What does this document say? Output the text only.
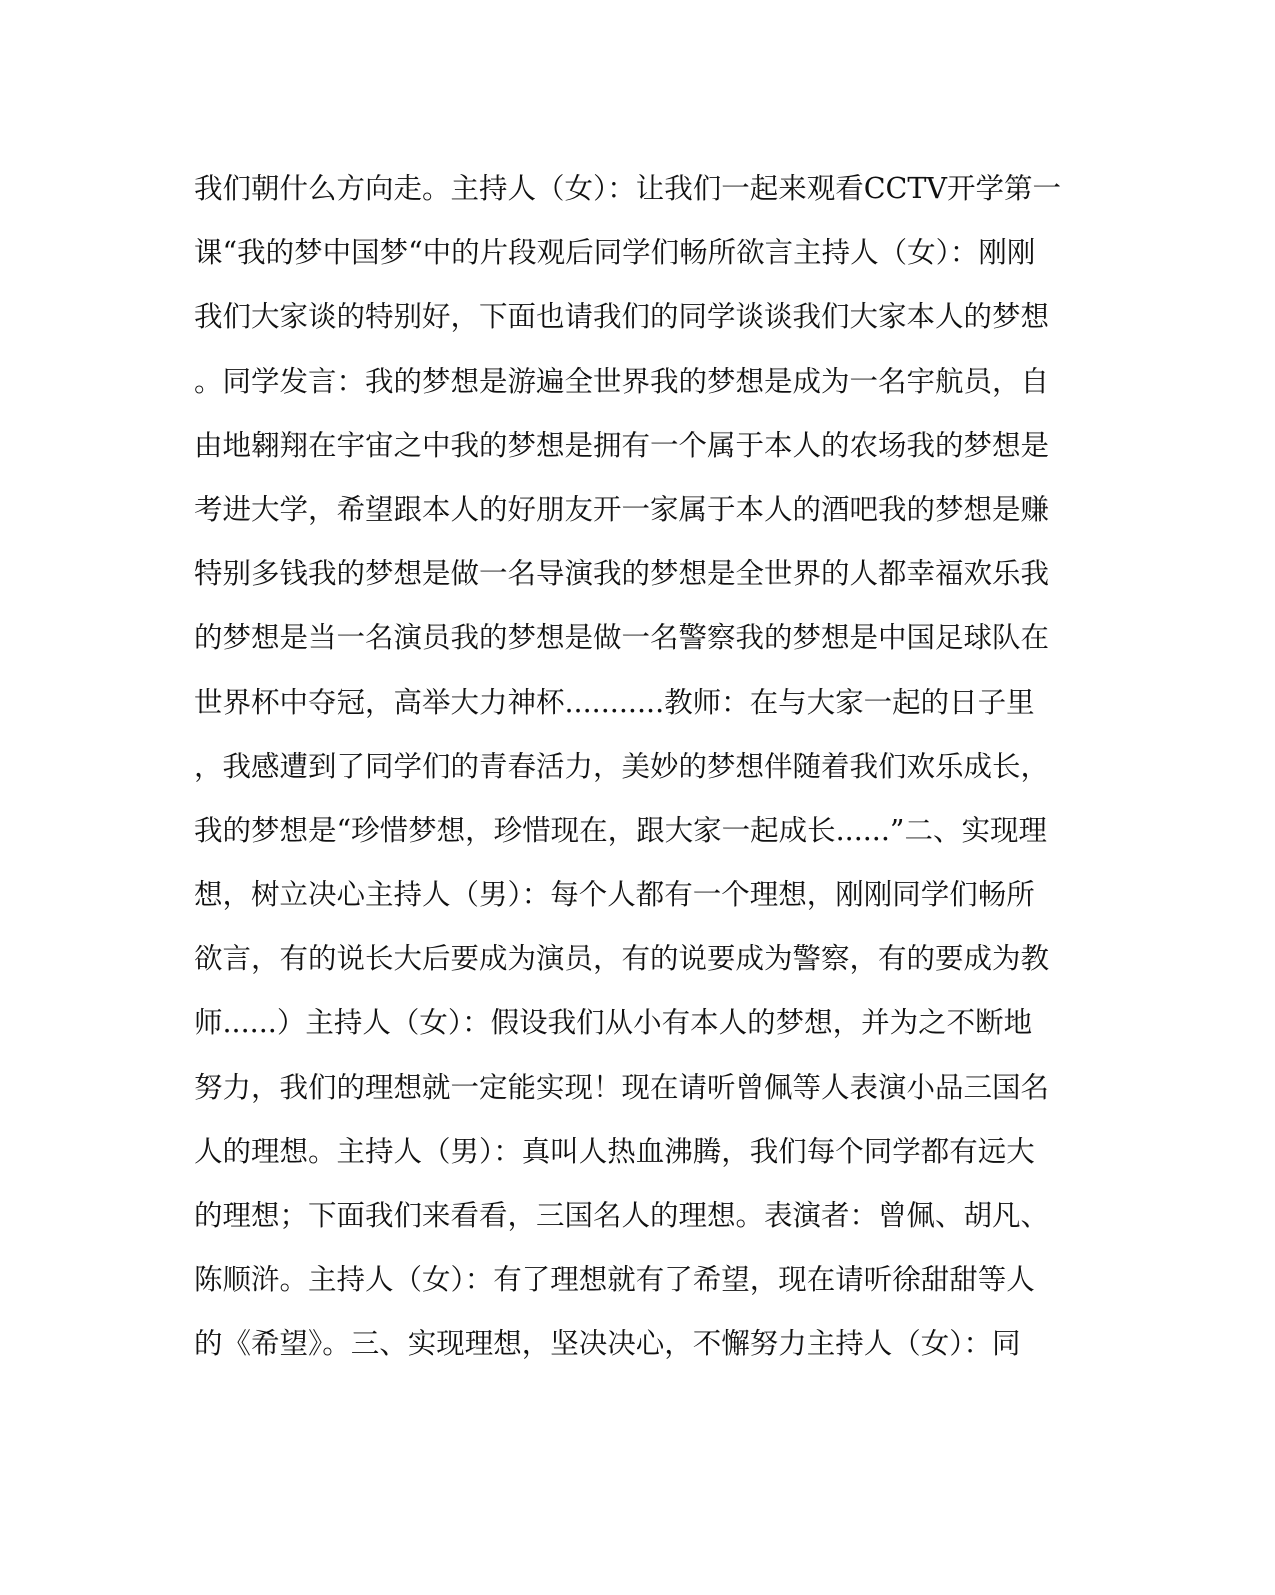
我们朝什么方向走。主持人（女）：让我们一起来观看CCTV开学第一
课“我的梦中国梦“中的片段观后同学们畅所欲言主持人（女）：刚刚
我们大家谈的特别好，下面也请我们的同学谈谈我们大家本人的梦想
。同学发言：我的梦想是游遍全世界我的梦想是成为一名宇航员，自
由地翱翔在宇宙之中我的梦想是拥有一个属于本人的农场我的梦想是
考进大学，希望跟本人的好朋友开一家属于本人的酒吧我的梦想是赚
特别多钱我的梦想是做一名导演我的梦想是全世界的人都幸福欢乐我
的梦想是当一名演员我的梦想是做一名警察我的梦想是中国足球队在
世界杯中夺冠，高举大力神杯...........教师：在与大家一起的日子里
，我感遭到了同学们的青春活力，美妙的梦想伴随着我们欢乐成长，
我的梦想是“珍惜梦想，珍惜现在，跟大家一起成长......”二、实现理
想，树立决心主持人（男）：每个人都有一个理想，刚刚同学们畅所
欲言，有的说长大后要成为演员，有的说要成为警察，有的要成为教
师......）主持人（女）：假设我们从小有本人的梦想，并为之不断地
努力，我们的理想就一定能实现！现在请听曾佩等人表演小品三国名
人的理想。主持人（男）：真叫人热血沸腾，我们每个同学都有远大
的理想；下面我们来看看，三国名人的理想。表演者：曾佩、胡凡、
陈顺浒。主持人（女）：有了理想就有了希望，现在请听徐甜甜等人
的《希望》。三、实现理想，坚决决心，不懈努力主持人（女）：同
